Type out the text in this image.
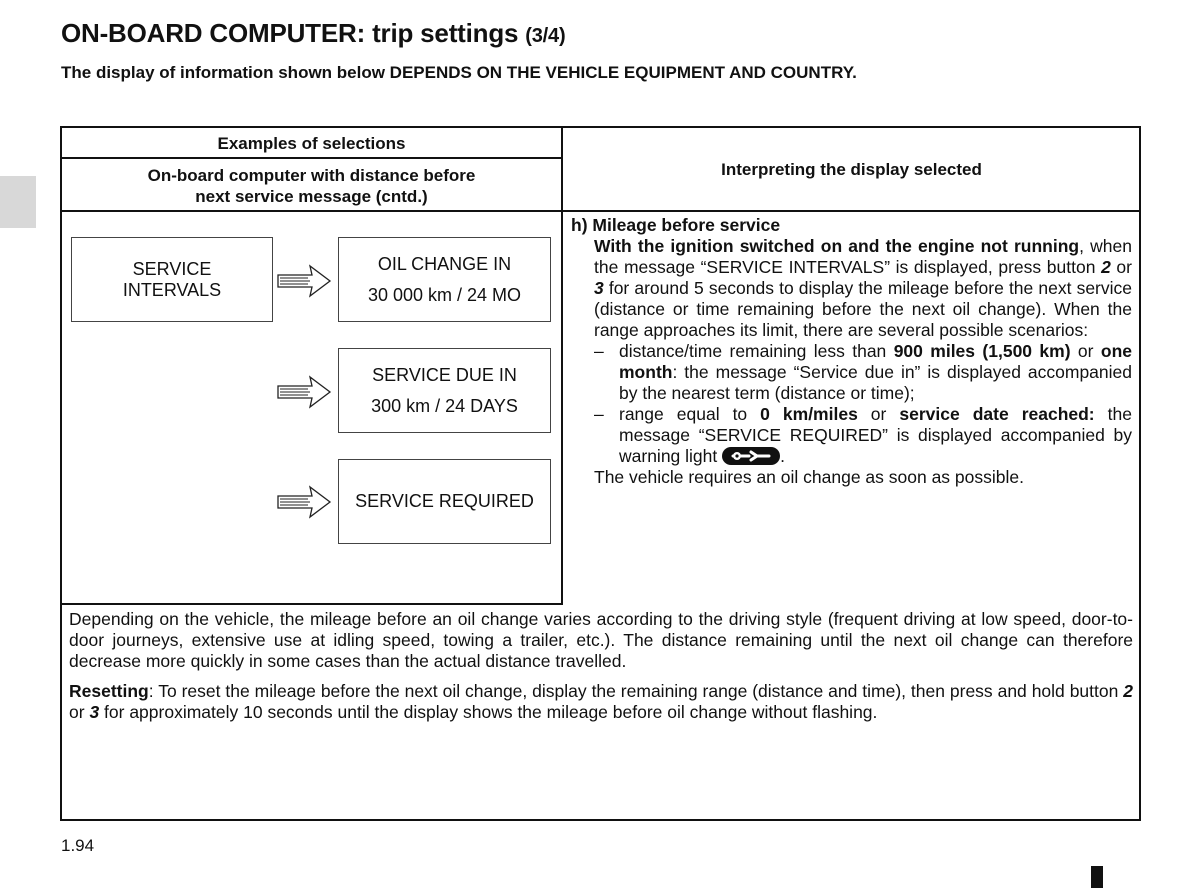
ON-BOARD COMPUTER: trip settings (3/4)

The display of information shown below DEPENDS ON THE VEHICLE EQUIPMENT AND COUNTRY.

Examples of selections
On-board computer with distance before
next service message (cntd.)
Interpreting the display selected
SERVICE
INTERVALS
OIL CHANGE IN
30 000 km / 24 MO
SERVICE DUE IN
300 km / 24 DAYS
SERVICE REQUIRED
h) Mileage before service
With the ignition switched on and the engine not running, when the message “SERVICE INTERVALS” is displayed, press button 2 or 3 for around 5 seconds to display the mileage before the next service (distance or time remaining before the next oil change). When the range approaches its limit, there are several possible scenarios:
– distance/time remaining less than 900 miles (1,500 km) or one month: the message “Service due in” is displayed accompanied by the nearest term (distance or time);
– range equal to 0 km/miles or service date reached: the message “SERVICE REQUIRED” is displayed accompanied by warning light	.
The vehicle requires an oil change as soon as possible.

Depending on the vehicle, the mileage before an oil change varies according to the driving style (frequent driving at low speed, door-to-door journeys, extensive use at idling speed, towing a trailer, etc.). The distance remaining until the next oil change can therefore decrease more quickly in some cases than the actual distance travelled.

Resetting: To reset the mileage before the next oil change, display the remaining range (distance and time), then press and hold button 2 or 3 for approximately 10 seconds until the display shows the mileage before oil change without flashing.

1.94
